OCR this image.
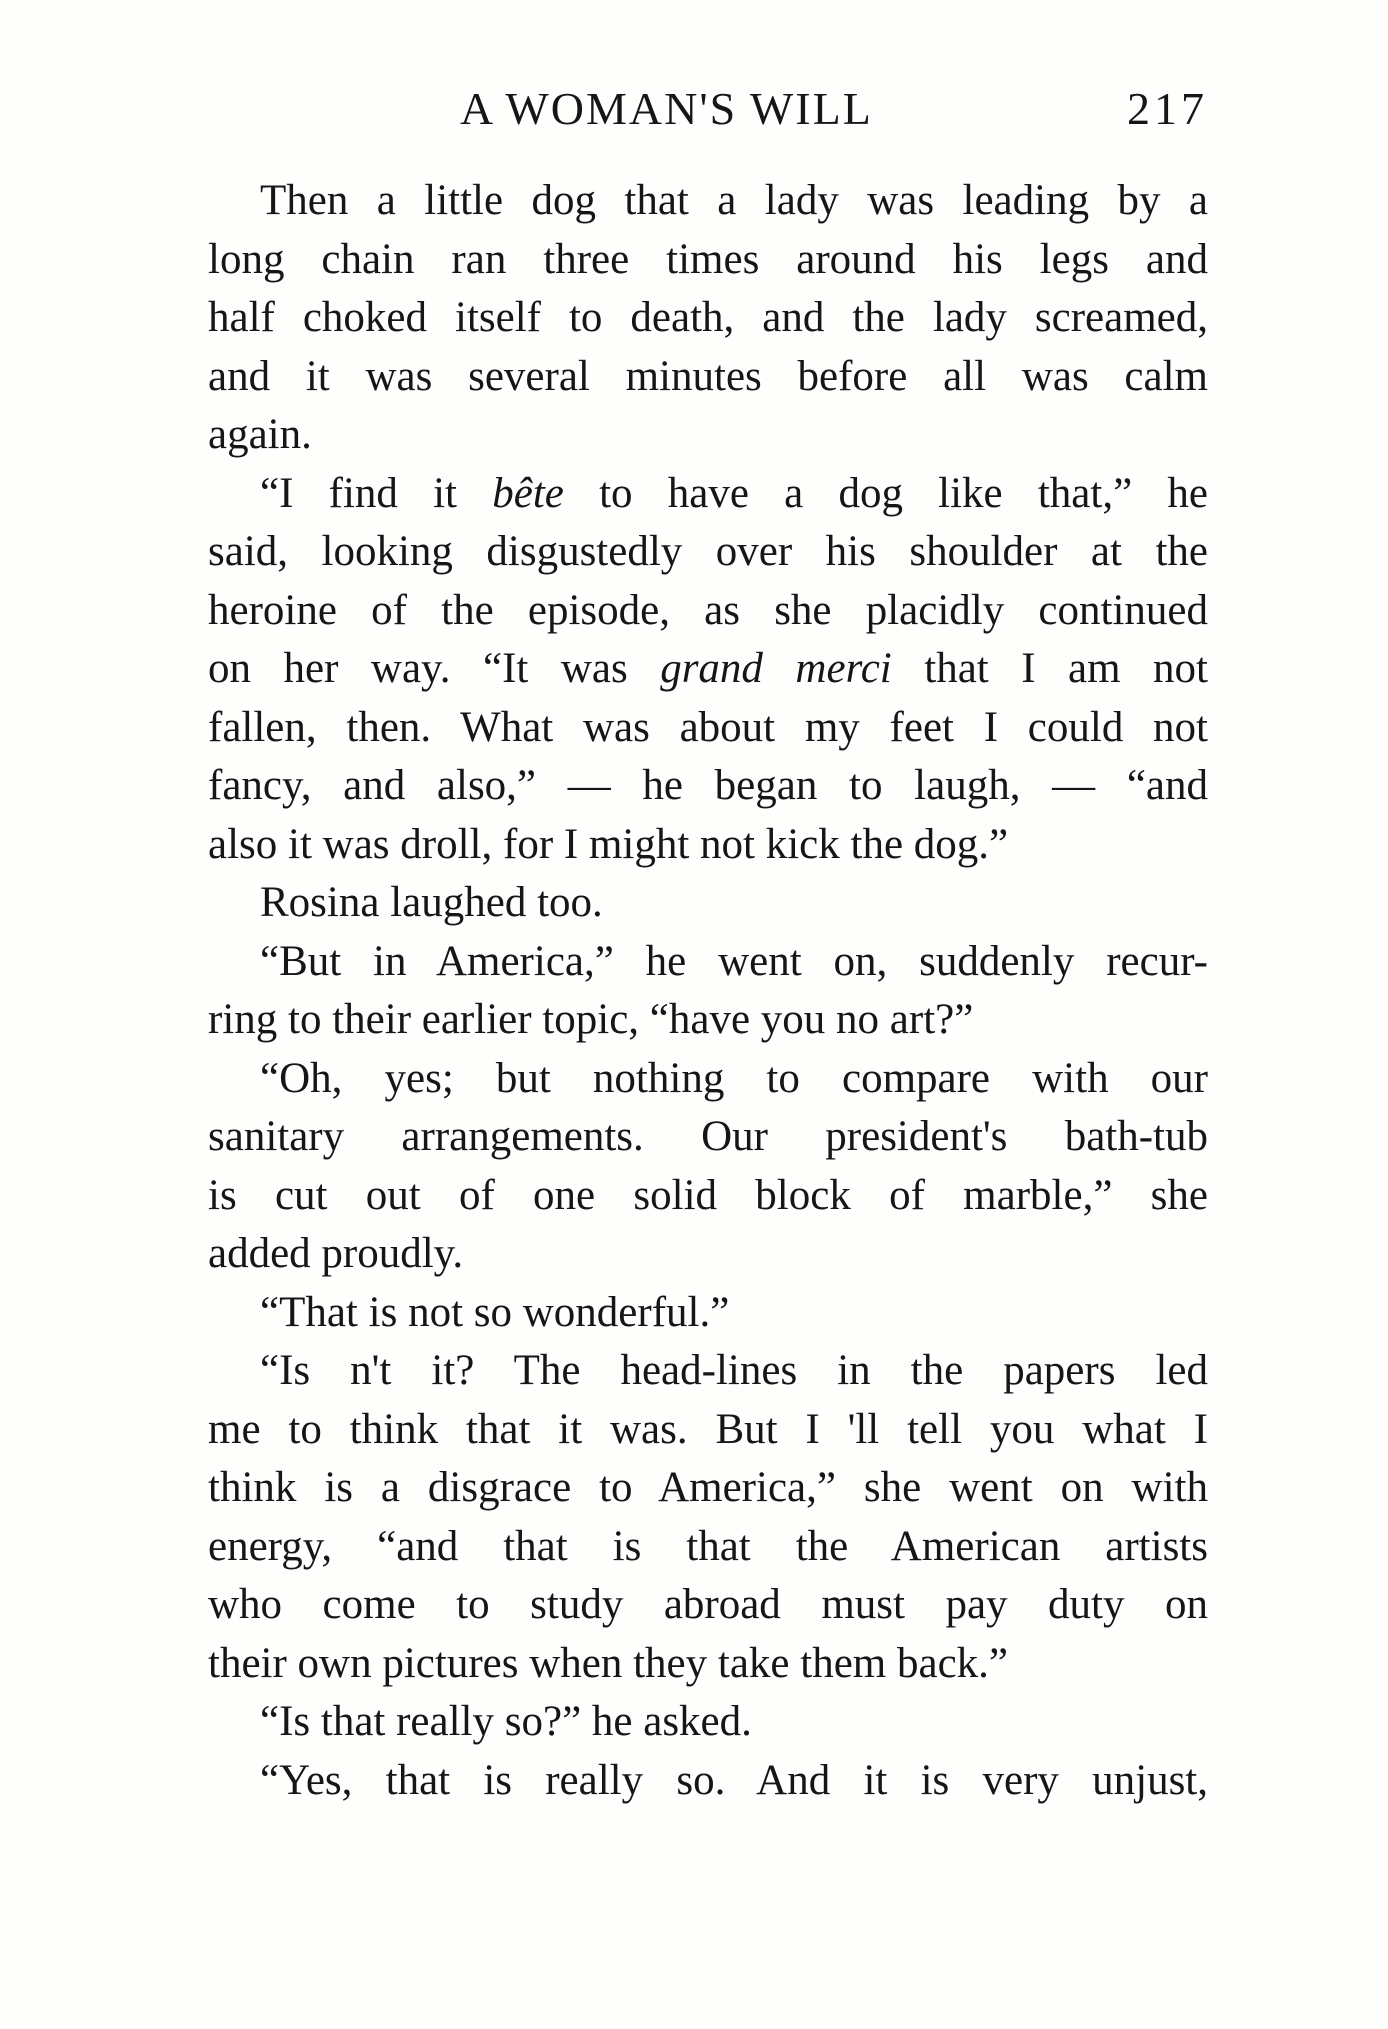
A WOMAN'S WILL	217
Then a little dog that a lady was leading by a
long chain ran three times around his legs and
half choked itself to death, and the lady screamed,
and it was several minutes before all was calm
again.
“I find it bête to have a dog like that,” he
said, looking disgustedly over his shoulder at the
heroine of the episode, as she placidly continued
on her way. “It was grand merci that I am not
fallen, then. What was about my feet I could not
fancy, and also,” — he began to laugh, — “and
also it was droll, for I might not kick the dog.”
Rosina laughed too.
“But in America,” he went on, suddenly recur-
ring to their earlier topic, “have you no art?”
“Oh, yes; but nothing to compare with our
sanitary arrangements. Our president's bath-tub
is cut out of one solid block of marble,” she
added proudly.
“That is not so wonderful.”
“Is n't it? The head-lines in the papers led
me to think that it was. But I 'll tell you what I
think is a disgrace to America,” she went on with
energy, “and that is that the American artists
who come to study abroad must pay duty on
their own pictures when they take them back.”
“Is that really so?” he asked.
“Yes, that is really so. And it is very unjust,
